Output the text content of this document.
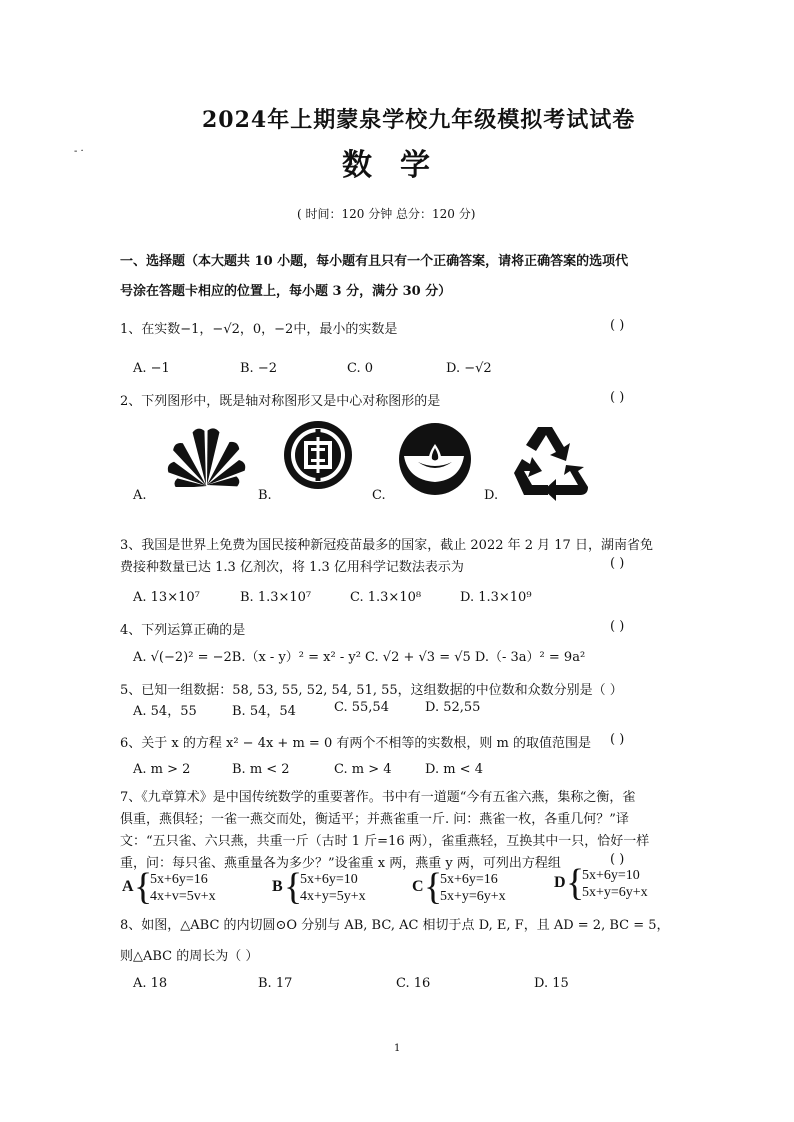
‐ ·
2024年上期蒙泉学校九年级模拟考试试卷
数学
( 时间：120 分钟 总分：120 分)
一、选择题（本大题共 10 小题，每小题有且只有一个正确答案，请将正确答案的选项代
号涂在答题卡相应的位置上，每小题 3 分，满分 30 分）
1、在实数−1，−√2，0，−2中，最小的实数是	( )
A. −1	B. −2	C. 0	D. −√2
2、下列图形中，既是轴对称图形又是中心对称图形的是	( )
A.	B.	C.	D.
3、我国是世界上免费为国民接种新冠疫苗最多的国家，截止 2022 年 2 月 17 日，湖南省免
费接种数量已达 1.3 亿剂次，将 1.3 亿用科学记数法表示为	( )
A. 13×10⁷	B. 1.3×10⁷	C. 1.3×10⁸	D. 1.3×10⁹
4、下列运算正确的是	( )
A. √(−2)² = −2B.（x - y）² = x² - y² C. √2 + √3 = √5 D.（- 3a）² = 9a²
5、已知一组数据：58, 53, 55, 52, 54, 51, 55，这组数据的中位数和众数分别是（ ）
A. 54，55	B. 54，54	C. 55,54	D. 52,55
6、关于 x 的方程 x² − 4x + m = 0 有两个不相等的实数根，则 m 的取值范围是 ( )
A. m > 2	B. m < 2	C. m > 4	D. m < 4
7、《九章算术》是中国传统数学的重要著作。书中有一道题“今有五雀六燕，集称之衡，雀
俱重，燕俱轻；一雀一燕交而处，衡适平；并燕雀重一斤. 问：燕雀一枚，各重几何？”译
文：“五只雀、六只燕，共重一斤（古时 1 斤=16 两），雀重燕轻，互换其中一只，恰好一样
重，问：每只雀、燕重量各为多少？”设雀重 x 两，燕重 y 两，可列出方程组	( )
A {
5x+6y=16
4x+v=5v+x
B {
5x+6y=10
4x+y=5y+x
C {
5x+6y=16
5x+y=6y+x
D {
5x+6y=10
5x+y=6y+x
8、如图，△ABC 的内切圆⊙O 分别与 AB, BC, AC 相切于点 D, E, F，且 AD = 2, BC = 5，
则△ABC 的周长为（ ）
A. 18	B. 17	C. 16	D. 15
1
